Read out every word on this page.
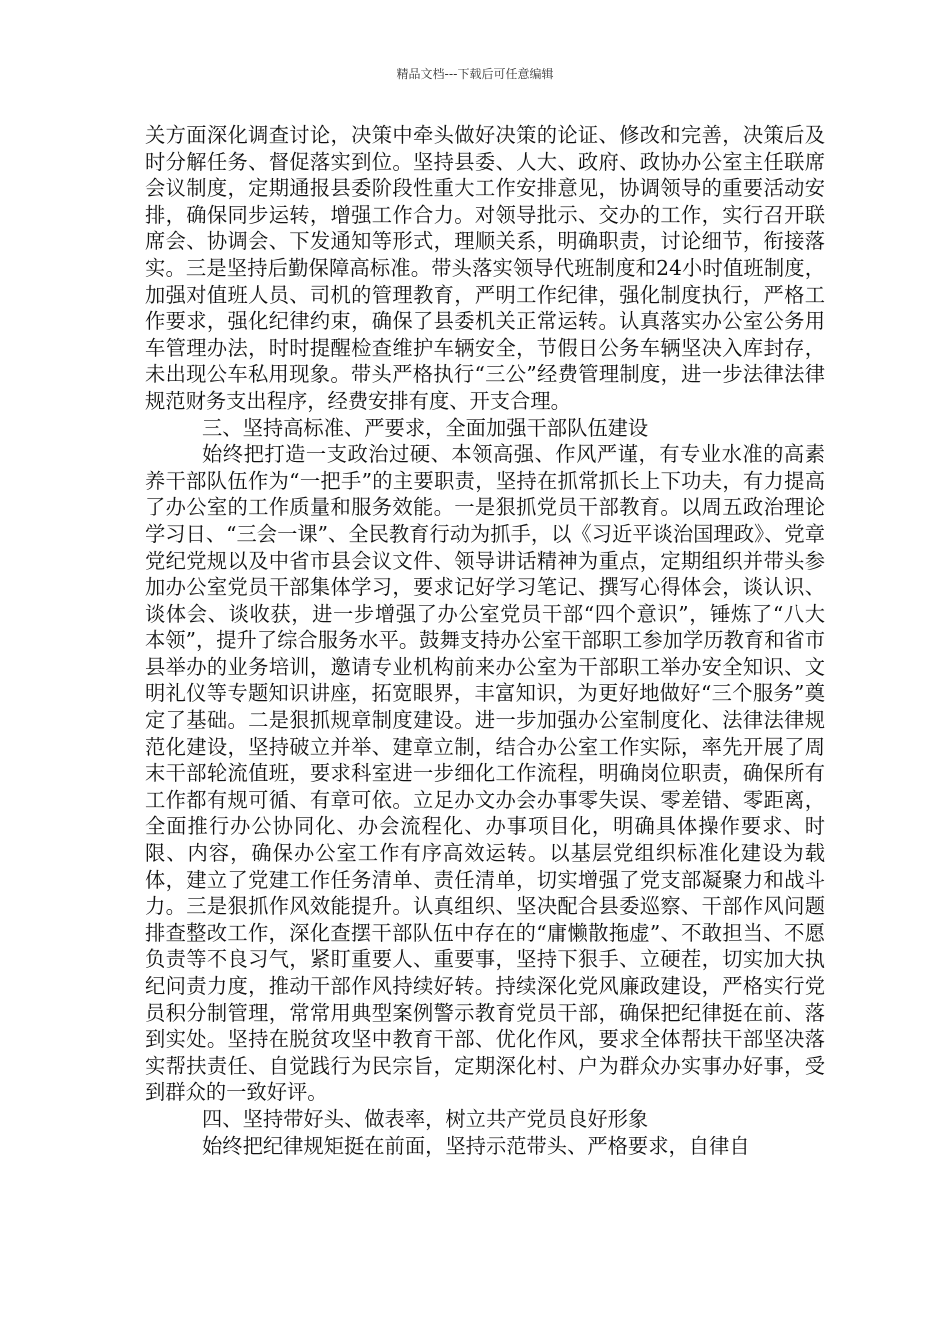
精品文档---下载后可任意编辑

关方面深化调查讨论，决策中牵头做好决策的论证、修改和完善，决策后及时分解任务、督促落实到位。坚持县委、人大、政府、政协办公室主任联席会议制度，定期通报县委阶段性重大工作安排意见，协调领导的重要活动安排，确保同步运转，增强工作合力。对领导批示、交办的工作，实行召开联席会、协调会、下发通知等形式，理顺关系，明确职责，讨论细节，衔接落实。三是坚持后勤保障高标准。带头落实领导代班制度和24小时值班制度，加强对值班人员、司机的管理教育，严明工作纪律，强化制度执行，严格工作要求，强化纪律约束，确保了县委机关正常运转。认真落实办公室公务用车管理办法，时时提醒检查维护车辆安全，节假日公务车辆坚决入库封存，未出现公车私用现象。带头严格执行“三公”经费管理制度，进一步法律法律规范财务支出程序，经费安排有度、开支合理。

三、坚持高标准、严要求，全面加强干部队伍建设

始终把打造一支政治过硬、本领高强、作风严谨，有专业水准的高素养干部队伍作为“一把手”的主要职责，坚持在抓常抓长上下功夫，有力提高了办公室的工作质量和服务效能。一是狠抓党员干部教育。以周五政治理论学习日、“三会一课”、全民教育行动为抓手，以《习近平谈治国理政》、党章党纪党规以及中省市县会议文件、领导讲话精神为重点，定期组织并带头参加办公室党员干部集体学习，要求记好学习笔记、撰写心得体会，谈认识、谈体会、谈收获，进一步增强了办公室党员干部“四个意识”，锤炼了“八大本领”，提升了综合服务水平。鼓舞支持办公室干部职工参加学历教育和省市县举办的业务培训，邀请专业机构前来办公室为干部职工举办安全知识、文明礼仪等专题知识讲座，拓宽眼界，丰富知识，为更好地做好“三个服务”奠定了基础。二是狠抓规章制度建设。进一步加强办公室制度化、法律法律规范化建设，坚持破立并举、建章立制，结合办公室工作实际，率先开展了周末干部轮流值班，要求科室进一步细化工作流程，明确岗位职责，确保所有工作都有规可循、有章可依。立足办文办会办事零失误、零差错、零距离，全面推行办公协同化、办会流程化、办事项目化，明确具体操作要求、时限、内容，确保办公室工作有序高效运转。以基层党组织标准化建设为载体，建立了党建工作任务清单、责任清单，切实增强了党支部凝聚力和战斗力。三是狠抓作风效能提升。认真组织、坚决配合县委巡察、干部作风问题排查整改工作，深化查摆干部队伍中存在的“庸懒散拖虚”、不敢担当、不愿负责等不良习气，紧盯重要人、重要事，坚持下狠手、立硬茬，切实加大执纪问责力度，推动干部作风持续好转。持续深化党风廉政建设，严格实行党员积分制管理，常常用典型案例警示教育党员干部，确保把纪律挺在前、落到实处。坚持在脱贫攻坚中教育干部、优化作风，要求全体帮扶干部坚决落实帮扶责任、自觉践行为民宗旨，定期深化村、户为群众办实事办好事，受到群众的一致好评。

四、坚持带好头、做表率，树立共产党员良好形象

始终把纪律规矩挺在前面，坚持示范带头、严格要求，自律自
